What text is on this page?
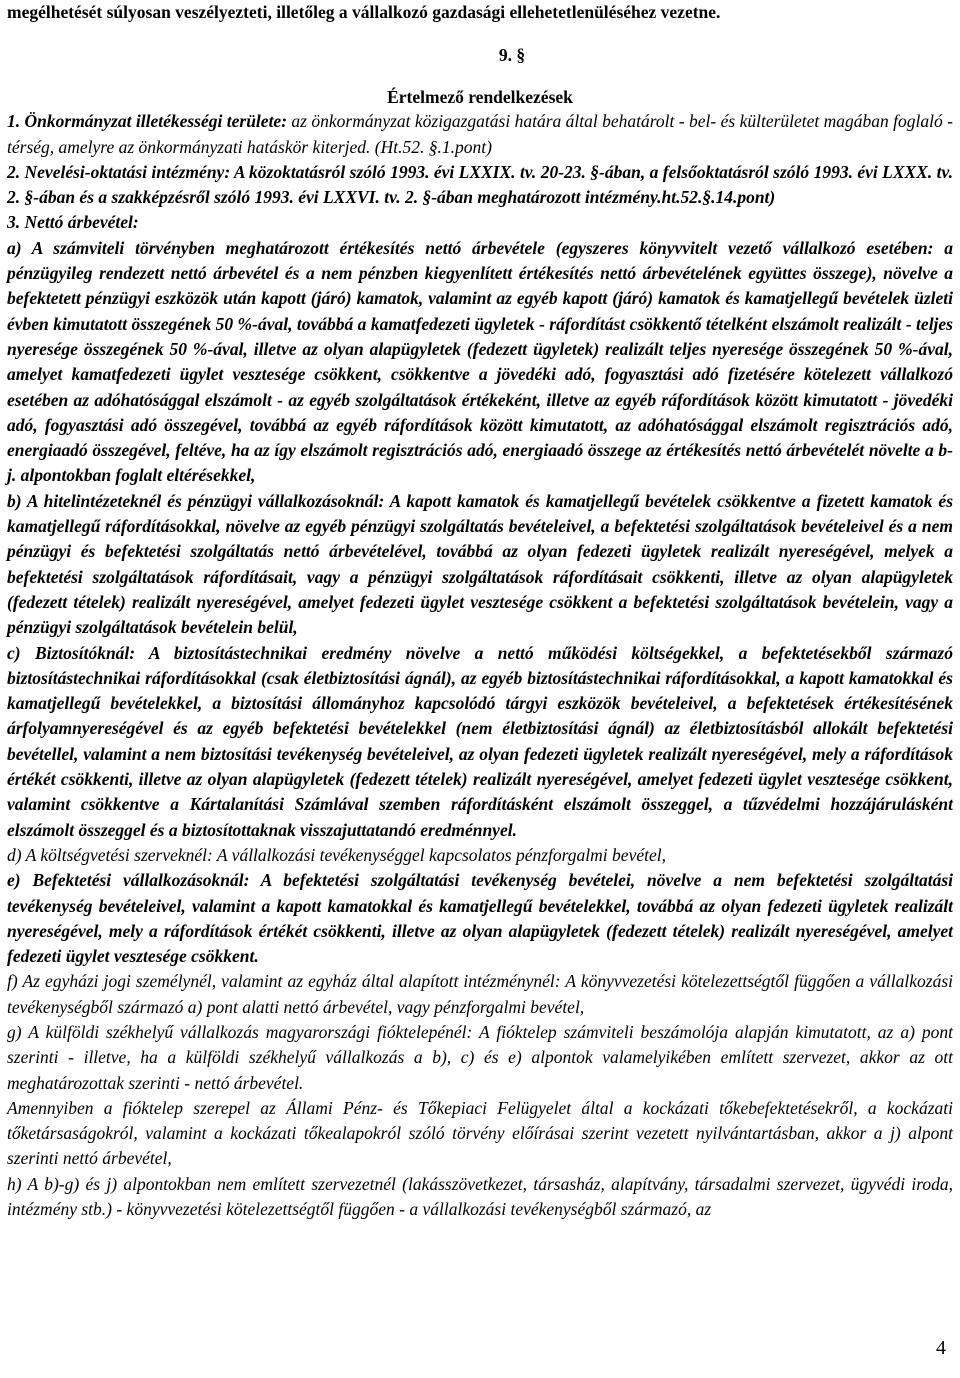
megélhetését súlyosan veszélyezteti, illetőleg a vállalkozó gazdasági ellehetetlenüléséhez vezetne.

9. §
Értelmező rendelkezések

1. Önkormányzat illetékességi területe: az önkormányzat közigazgatási határa által behatárolt - bel- és külterületet magában foglaló - térség, amelyre az önkormányzati hatáskör kiterjed. (Ht.52. §.1.pont)

2. Nevelési-oktatási intézmény: A közoktatásról szóló 1993. évi LXXIX. tv. 20-23. §-ában, a felsőoktatásról szóló 1993. évi LXXX. tv. 2. §-ában és a szakképzésről szóló 1993. évi LXXVI. tv. 2. §-ában meghatározott intézmény.ht.52.§.14.pont)

3. Nettó árbevétel:

a) A számviteli törvényben meghatározott értékesítés nettó árbevétele (egyszeres könyvvitelt vezető vállalkozó esetében: a pénzügyileg rendezett nettó árbevétel és a nem pénzben kiegyenlített értékesítés nettó árbevételének együttes összege), növelve a befektetett pénzügyi eszközök után kapott (járó) kamatok, valamint az egyéb kapott (járó) kamatok és kamatjellegű bevételek üzleti évben kimutatott összegének 50 %-ával, továbbá a kamatfedezeti ügyletek - ráfordítást csökkentő tételként elszámolt realizált - teljes nyeresége összegének 50 %-ával, illetve az olyan alapügyletek (fedezett ügyletek) realizált teljes nyeresége összegének 50 %-ával, amelyet kamatfedezeti ügylet vesztesége csökkent, csökkentve a jövedéki adó, fogyasztási adó fizetésére kötelezett vállalkozó esetében az adóhatósággal elszámolt - az egyéb szolgáltatások értékeként, illetve az egyéb ráfordítások között kimutatott - jövedéki adó, fogyasztási adó összegével, továbbá az egyéb ráfordítások között kimutatott, az adóhatósággal elszámolt regisztrációs adó, energiaadó összegével, feltéve, ha az így elszámolt regisztrációs adó, energiaadó összege az értékesítés nettó árbevételét növelte a b-j. alpontokban foglalt eltérésekkel,

b) A hitelintézeteknél és pénzügyi vállalkozásoknál: A kapott kamatok és kamatjellegű bevételek csökkentve a fizetett kamatok és kamatjellegű ráfordításokkal, növelve az egyéb pénzügyi szolgáltatás bevételeivel, a befektetési szolgáltatások bevételeivel és a nem pénzügyi és befektetési szolgáltatás nettó árbevételével, továbbá az olyan fedezeti ügyletek realizált nyereségével, melyek a befektetési szolgáltatások ráfordításait, vagy a pénzügyi szolgáltatások ráfordításait csökkenti, illetve az olyan alapügyletek (fedezett tételek) realizált nyereségével, amelyet fedezeti ügylet vesztesége csökkent a befektetési szolgáltatások bevételein, vagy a pénzügyi szolgáltatások bevételein belül,

c) Biztosítóknál: A biztosítástechnikai eredmény növelve a nettó működési költségekkel, a befektetésekből származó biztosítástechnikai ráfordításokkal (csak életbiztosítási ágnál), az egyéb biztosítástechnikai ráfordításokkal, a kapott kamatokkal és kamatjellegű bevételekkel, a biztosítási állományhoz kapcsolódó tárgyi eszközök bevételeivel, a befektetések értékesítésének árfolyamnyereségével és az egyéb befektetési bevételekkel (nem életbiztosítási ágnál) az életbiztosításból allokált befektetési bevétellel, valamint a nem biztosítási tevékenység bevételeivel, az olyan fedezeti ügyletek realizált nyereségével, mely a ráfordítások értékét csökkenti, illetve az olyan alapügyletek (fedezett tételek) realizált nyereségével, amelyet fedezeti ügylet vesztesége csökkent, valamint csökkentve a Kártalanítási Számlával szemben ráfordításként elszámolt összeggel, a tűzvédelmi hozzájárulásként elszámolt összeggel és a biztosítottaknak visszajuttatandó eredménnyel.

d) A költségvetési szerveknél: A vállalkozási tevékenységgel kapcsolatos pénzforgalmi bevétel,

e) Befektetési vállalkozásoknál: A befektetési szolgáltatási tevékenység bevételei, növelve a nem befektetési szolgáltatási tevékenység bevételeivel, valamint a kapott kamatokkal és kamatjellegű bevételekkel, továbbá az olyan fedezeti ügyletek realizált nyereségével, mely a ráfordítások értékét csökkenti, illetve az olyan alapügyletek (fedezett tételek) realizált nyereségével, amelyet fedezeti ügylet vesztesége csökkent.

f) Az egyházi jogi személynél, valamint az egyház által alapított intézménynél: A könyvvezetési kötelezettségtől függően a vállalkozási tevékenységből származó a) pont alatti nettó árbevétel, vagy pénzforgalmi bevétel,

g) A külföldi székhelyű vállalkozás magyarországi fióktelepénél: A fióktelep számviteli beszámolója alapján kimutatott, az a) pont szerinti - illetve, ha a külföldi székhelyű vállalkozás a b), c) és e) alpontok valamelyikében említett szervezet, akkor az ott meghatározottak szerinti - nettó árbevétel.

Amennyiben a fióktelep szerepel az Állami Pénz- és Tőkepiaci Felügyelet által a kockázati tőkebefektetésekről, a kockázati tőketársaságokról, valamint a kockázati tőkealapokról szóló törvény előírásai szerint vezetett nyilvántartásban, akkor a j) alpont szerinti nettó árbevétel,

h) A b)-g) és j) alpontokban nem említett szervezetnél (lakásszövetkezet, társasház, alapítvány, társadalmi szervezet, ügyvédi iroda, intézmény stb.) - könyvvezetési kötelezettségtől függően - a vállalkozási tevékenységből származó, az

4
